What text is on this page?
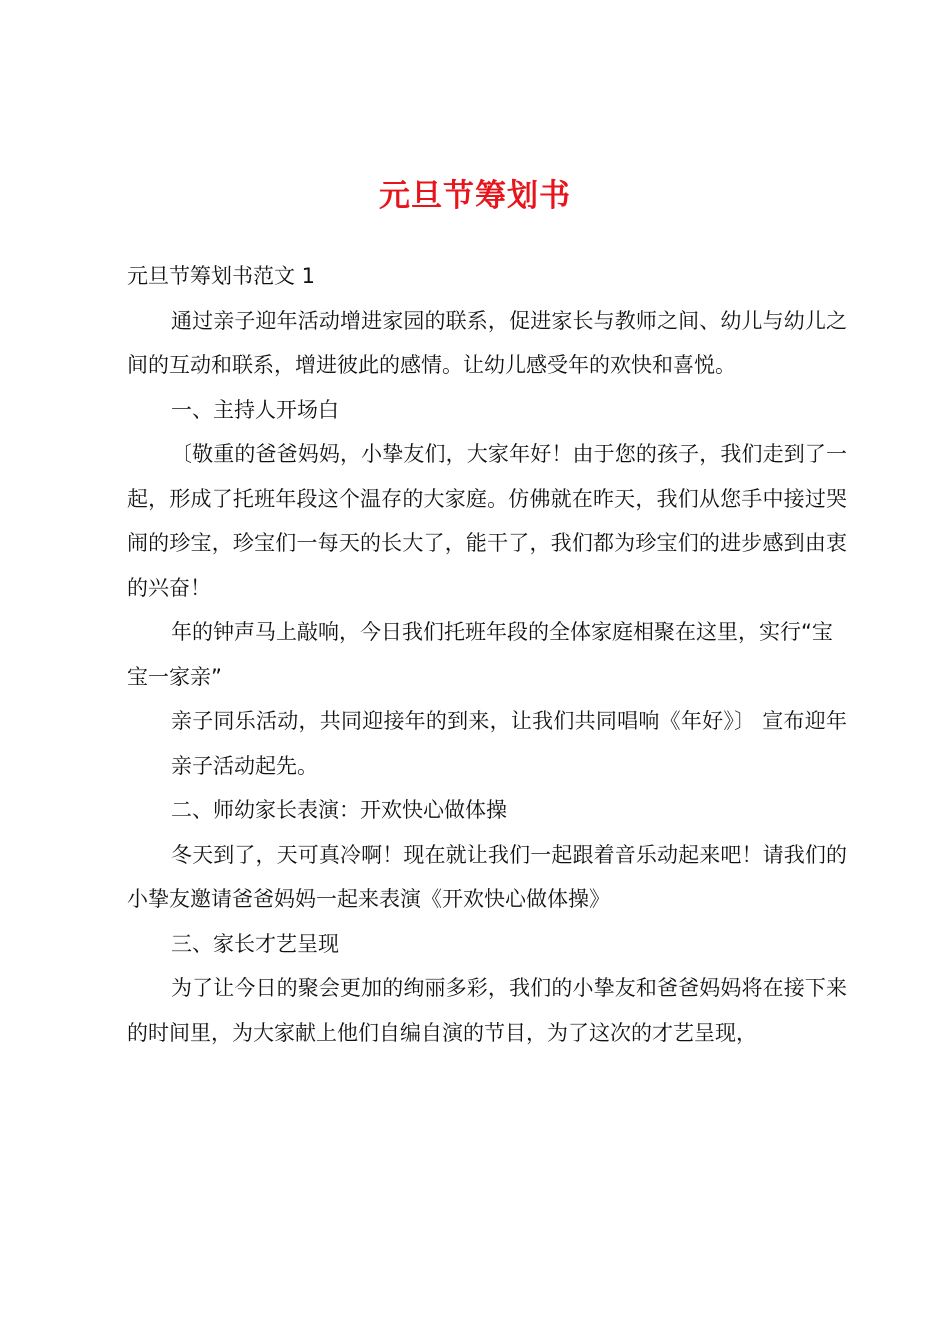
元旦节筹划书

元旦节筹划书范文 1

通过亲子迎年活动增进家园的联系，促进家长与教师之间、幼儿与幼儿之间的互动和联系，增进彼此的感情。让幼儿感受年的欢快和喜悦。

一、主持人开场白

〔敬重的爸爸妈妈，小挚友们，大家年好！由于您的孩子，我们走到了一起，形成了托班年段这个温存的大家庭。仿佛就在昨天，我们从您手中接过哭闹的珍宝，珍宝们一每天的长大了，能干了，我们都为珍宝们的进步感到由衷的兴奋！

年的钟声马上敲响，今日我们托班年段的全体家庭相聚在这里，实行“宝宝一家亲”

亲子同乐活动，共同迎接年的到来，让我们共同唱响《年好》〕 宣布迎年亲子活动起先。

二、师幼家长表演：开欢快心做体操

冬天到了，天可真冷啊！现在就让我们一起跟着音乐动起来吧！请我们的小挚友邀请爸爸妈妈一起来表演《开欢快心做体操》

三、家长才艺呈现

为了让今日的聚会更加的绚丽多彩，我们的小挚友和爸爸妈妈将在接下来的时间里，为大家献上他们自编自演的节目，为了这次的才艺呈现，
